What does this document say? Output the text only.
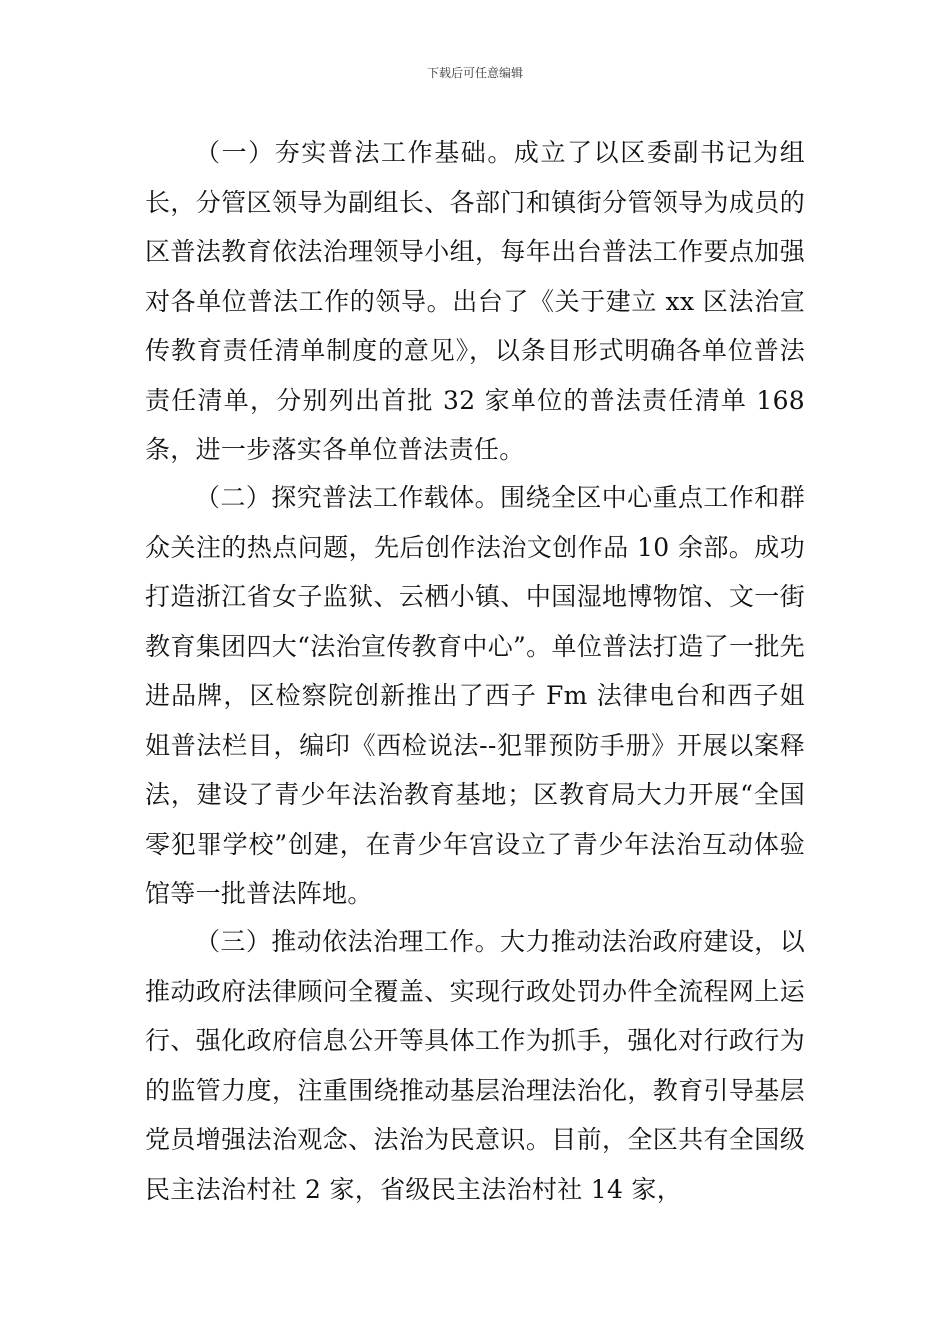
下载后可任意编辑

（一）夯实普法工作基础。成立了以区委副书记为组长，分管区领导为副组长、各部门和镇街分管领导为成员的区普法教育依法治理领导小组，每年出台普法工作要点加强对各单位普法工作的领导。出台了《关于建立 xx 区法治宣传教育责任清单制度的意见》，以条目形式明确各单位普法责任清单，分别列出首批 32 家单位的普法责任清单 168 条，进一步落实各单位普法责任。

（二）探究普法工作载体。围绕全区中心重点工作和群众关注的热点问题，先后创作法治文创作品 10 余部。成功打造浙江省女子监狱、云栖小镇、中国湿地博物馆、文一街教育集团四大“法治宣传教育中心”。单位普法打造了一批先进品牌，区检察院创新推出了西子 Fm 法律电台和西子姐姐普法栏目，编印《西检说法--犯罪预防手册》开展以案释法，建设了青少年法治教育基地；区教育局大力开展“全国零犯罪学校”创建，在青少年宫设立了青少年法治互动体验馆等一批普法阵地。

（三）推动依法治理工作。大力推动法治政府建设，以推动政府法律顾问全覆盖、实现行政处罚办件全流程网上运行、强化政府信息公开等具体工作为抓手，强化对行政行为的监管力度，注重围绕推动基层治理法治化，教育引导基层党员增强法治观念、法治为民意识。目前，全区共有全国级民主法治村社 2 家，省级民主法治村社 14 家，
